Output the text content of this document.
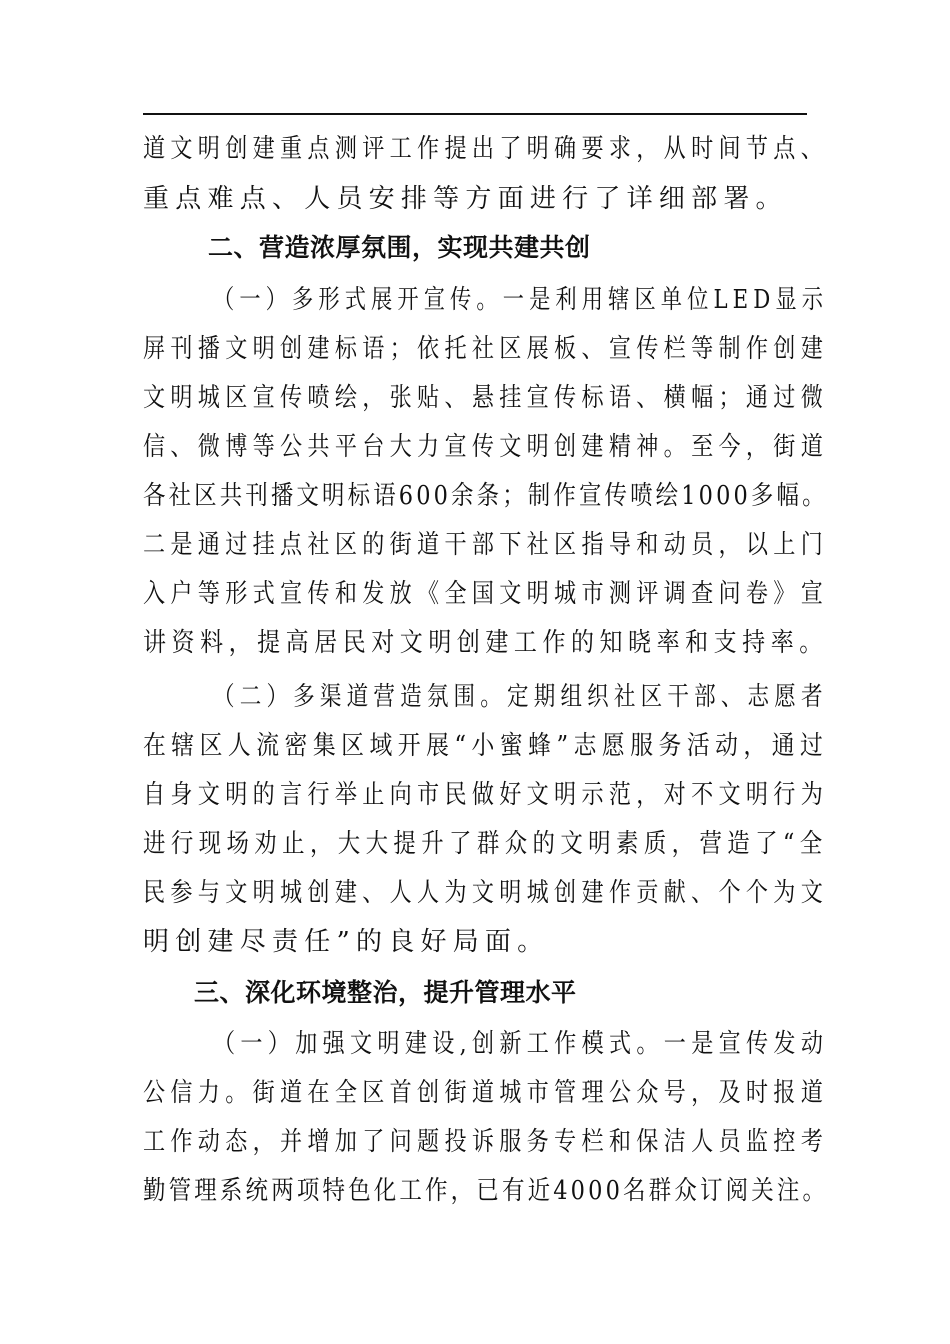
道文明创建重点测评工作提出了明确要求，从时间节点、
重点难点、人员安排等方面进行了详细部署。
二、营造浓厚氛围，实现共建共创
（一）多形式展开宣传。一是利用辖区单位LED显示
屏刊播文明创建标语；依托社区展板、宣传栏等制作创建
文明城区宣传喷绘，张贴、悬挂宣传标语、横幅；通过微
信、微博等公共平台大力宣传文明创建精神。至今，街道
各社区共刊播文明标语600余条；制作宣传喷绘1000多幅。
二是通过挂点社区的街道干部下社区指导和动员，以上门
入户等形式宣传和发放《全国文明城市测评调查问卷》宣
讲资料，提高居民对文明创建工作的知晓率和支持率。
（二）多渠道营造氛围。定期组织社区干部、志愿者
在辖区人流密集区域开展“小蜜蜂”志愿服务活动，通过
自身文明的言行举止向市民做好文明示范，对不文明行为
进行现场劝止，大大提升了群众的文明素质，营造了“全
民参与文明城创建、人人为文明城创建作贡献、个个为文
明创建尽责任”的良好局面。
三、深化环境整治，提升管理水平
（一）加强文明建设,创新工作模式。一是宣传发动
公信力。街道在全区首创街道城市管理公众号，及时报道
工作动态，并增加了问题投诉服务专栏和保洁人员监控考
勤管理系统两项特色化工作，已有近4000名群众订阅关注。
